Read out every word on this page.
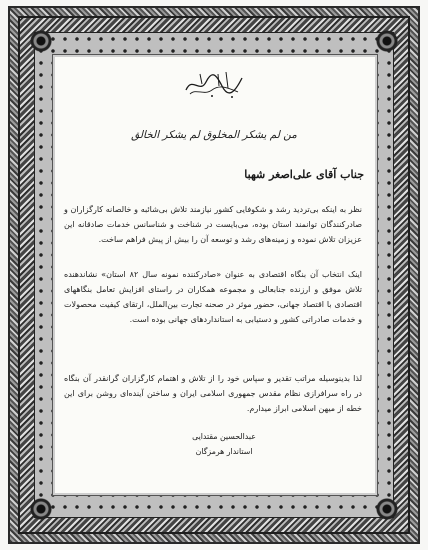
من لم یشکر المخلوق لم یشکر الخالق
جناب آقای علی‌اصغر شهبا
نظر به اینکه بی‌تردید رشد و شکوفایی کشور نیازمند تلاش بی‌شائبه و خالصانه کارگزاران و صادرکنندگان توانمند استان بوده، می‌بایست در شناخت و شناسانس خدمات صادقانه این عزیزان تلاش نموده و زمینه‌های رشد و توسعه آن را بیش از پیش فراهم ساخت.
اینک انتخاب آن بنگاه اقتصادی به عنوان «صادرکننده نمونه سال ۸۲ استان» نشاندهنده تلاش موفق و ارزنده جنابعالی و مجموعه همکاران در راستای افزایش تعامل بنگاههای اقتصادی با اقتصاد جهانی، حضور موثر در صحنه تجارت بین‌الملل، ارتقای کیفیت محصولات و خدمات صادراتی کشور و دستیابی به استانداردهای جهانی بوده است.
لذا بدینوسیله مراتب تقدیر و سپاس خود را از تلاش و اهتمام کارگزاران گرانقدر آن بنگاه در راه سرافرازی نظام مقدس جمهوری اسلامی ایران و ساختن آینده‌ای روشن برای این خطه از میهن اسلامی ابراز میدارم.
عبدالحسین مقتدایی
استاندار هرمزگان
